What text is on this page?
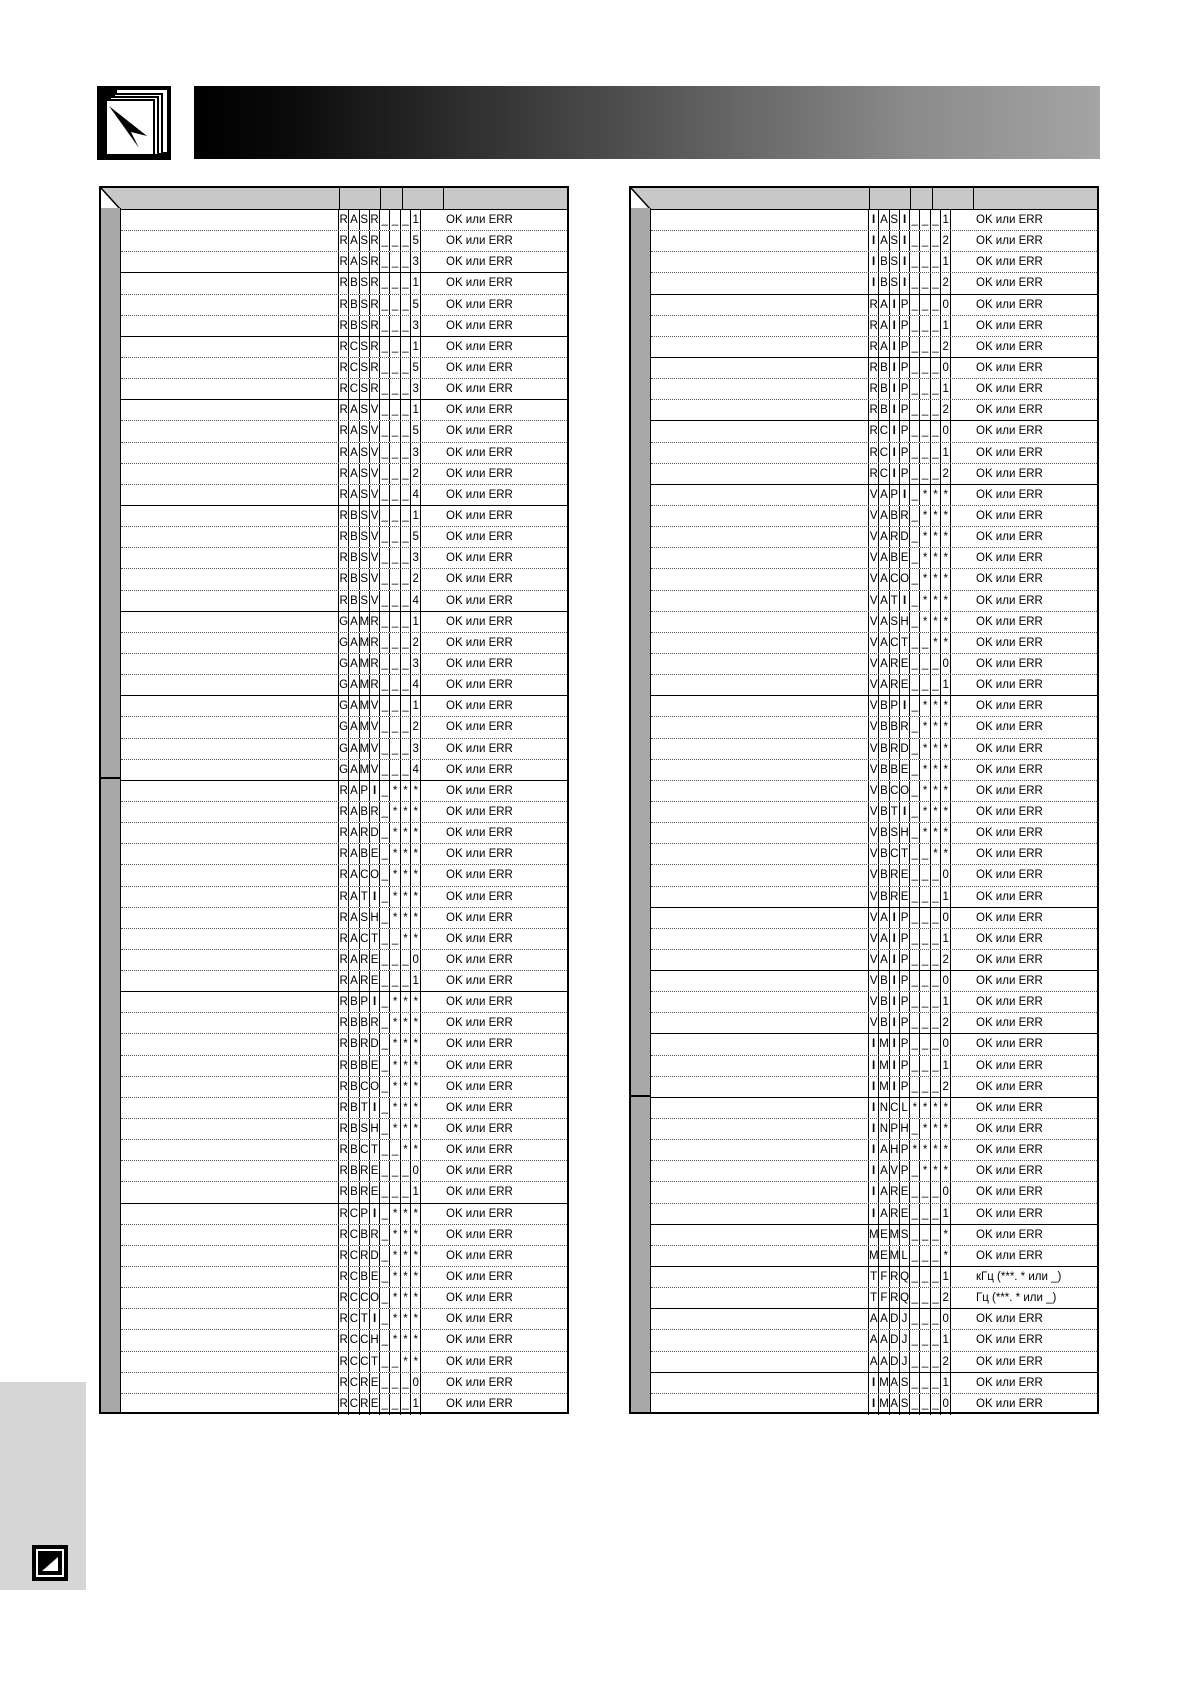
R A S R _ _ _ 1 OK или ERR
R A S R _ _ _ 5 OK или ERR
R A S R _ _ _ 3 OK или ERR
R B S R _ _ _ 1 OK или ERR
R B S R _ _ _ 5 OK или ERR
R B S R _ _ _ 3 OK или ERR
R C S R _ _ _ 1 OK или ERR
R C S R _ _ _ 5 OK или ERR
R C S R _ _ _ 3 OK или ERR
R A S V _ _ _ 1 OK или ERR
R A S V _ _ _ 5 OK или ERR
R A S V _ _ _ 3 OK или ERR
R A S V _ _ _ 2 OK или ERR
R A S V _ _ _ 4 OK или ERR
R B S V _ _ _ 1 OK или ERR
R B S V _ _ _ 5 OK или ERR
R B S V _ _ _ 3 OK или ERR
R B S V _ _ _ 2 OK или ERR
R B S V _ _ _ 4 OK или ERR
G A M R _ _ _ 1 OK или ERR
G A M R _ _ _ 2 OK или ERR
G A M R _ _ _ 3 OK или ERR
G A M R _ _ _ 4 OK или ERR
G A M V _ _ _ 1 OK или ERR
G A M V _ _ _ 2 OK или ERR
G A M V _ _ _ 3 OK или ERR
G A M V _ _ _ 4 OK или ERR
R A P I _ * * * OK или ERR
R A B R _ * * * OK или ERR
R A R D _ * * * OK или ERR
R A B E _ * * * OK или ERR
R A C O _ * * * OK или ERR
R A T I _ * * * OK или ERR
R A S H _ * * * OK или ERR
R A C T _ _ * * OK или ERR
R A R E _ _ _ 0 OK или ERR
R A R E _ _ _ 1 OK или ERR
R B P I _ * * * OK или ERR
R B B R _ * * * OK или ERR
R B R D _ * * * OK или ERR
R B B E _ * * * OK или ERR
R B C O _ * * * OK или ERR
R B T I _ * * * OK или ERR
R B S H _ * * * OK или ERR
R B C T _ _ * * OK или ERR
R B R E _ _ _ 0 OK или ERR
R B R E _ _ _ 1 OK или ERR
R C P I _ * * * OK или ERR
R C B R _ * * * OK или ERR
R C R D _ * * * OK или ERR
R C B E _ * * * OK или ERR
R C C O _ * * * OK или ERR
R C T I _ * * * OK или ERR
R C C H _ * * * OK или ERR
R C C T _ _ * * OK или ERR
R C R E _ _ _ 0 OK или ERR
R C R E _ _ _ 1 OK или ERR
I A S I _ _ _ 1 OK или ERR
I A S I _ _ _ 2 OK или ERR
I B S I _ _ _ 1 OK или ERR
I B S I _ _ _ 2 OK или ERR
R A I P _ _ _ 0 OK или ERR
R A I P _ _ _ 1 OK или ERR
R A I P _ _ _ 2 OK или ERR
R B I P _ _ _ 0 OK или ERR
R B I P _ _ _ 1 OK или ERR
R B I P _ _ _ 2 OK или ERR
R C I P _ _ _ 0 OK или ERR
R C I P _ _ _ 1 OK или ERR
R C I P _ _ _ 2 OK или ERR
V A P I _ * * * OK или ERR
V A B R _ * * * OK или ERR
V A R D _ * * * OK или ERR
V A B E _ * * * OK или ERR
V A C O _ * * * OK или ERR
V A T I _ * * * OK или ERR
V A S H _ * * * OK или ERR
V A C T _ _ * * OK или ERR
V A R E _ _ _ 0 OK или ERR
V A R E _ _ _ 1 OK или ERR
V B P I _ * * * OK или ERR
V B B R _ * * * OK или ERR
V B R D _ * * * OK или ERR
V B B E _ * * * OK или ERR
V B C O _ * * * OK или ERR
V B T I _ * * * OK или ERR
V B S H _ * * * OK или ERR
V B C T _ _ * * OK или ERR
V B R E _ _ _ 0 OK или ERR
V B R E _ _ _ 1 OK или ERR
V A I P _ _ _ 0 OK или ERR
V A I P _ _ _ 1 OK или ERR
V A I P _ _ _ 2 OK или ERR
V B I P _ _ _ 0 OK или ERR
V B I P _ _ _ 1 OK или ERR
V B I P _ _ _ 2 OK или ERR
I M I P _ _ _ 0 OK или ERR
I M I P _ _ _ 1 OK или ERR
I M I P _ _ _ 2 OK или ERR
I N C L * * * * OK или ERR
I N P H _ * * * OK или ERR
I A H P * * * * OK или ERR
I A V P _ * * * OK или ERR
I A R E _ _ _ 0 OK или ERR
I A R E _ _ _ 1 OK или ERR
M E M S _ _ _ * OK или ERR
M E M L _ _ _ * OK или ERR
T F R Q _ _ _ 1 кГц (***. * или _)
T F R Q _ _ _ 2 Гц (***. * или _)
A A D J _ _ _ 0 OK или ERR
A A D J _ _ _ 1 OK или ERR
A A D J _ _ _ 2 OK или ERR
I M A S _ _ _ 1 OK или ERR
I M A S _ _ _ 0 OK или ERR
